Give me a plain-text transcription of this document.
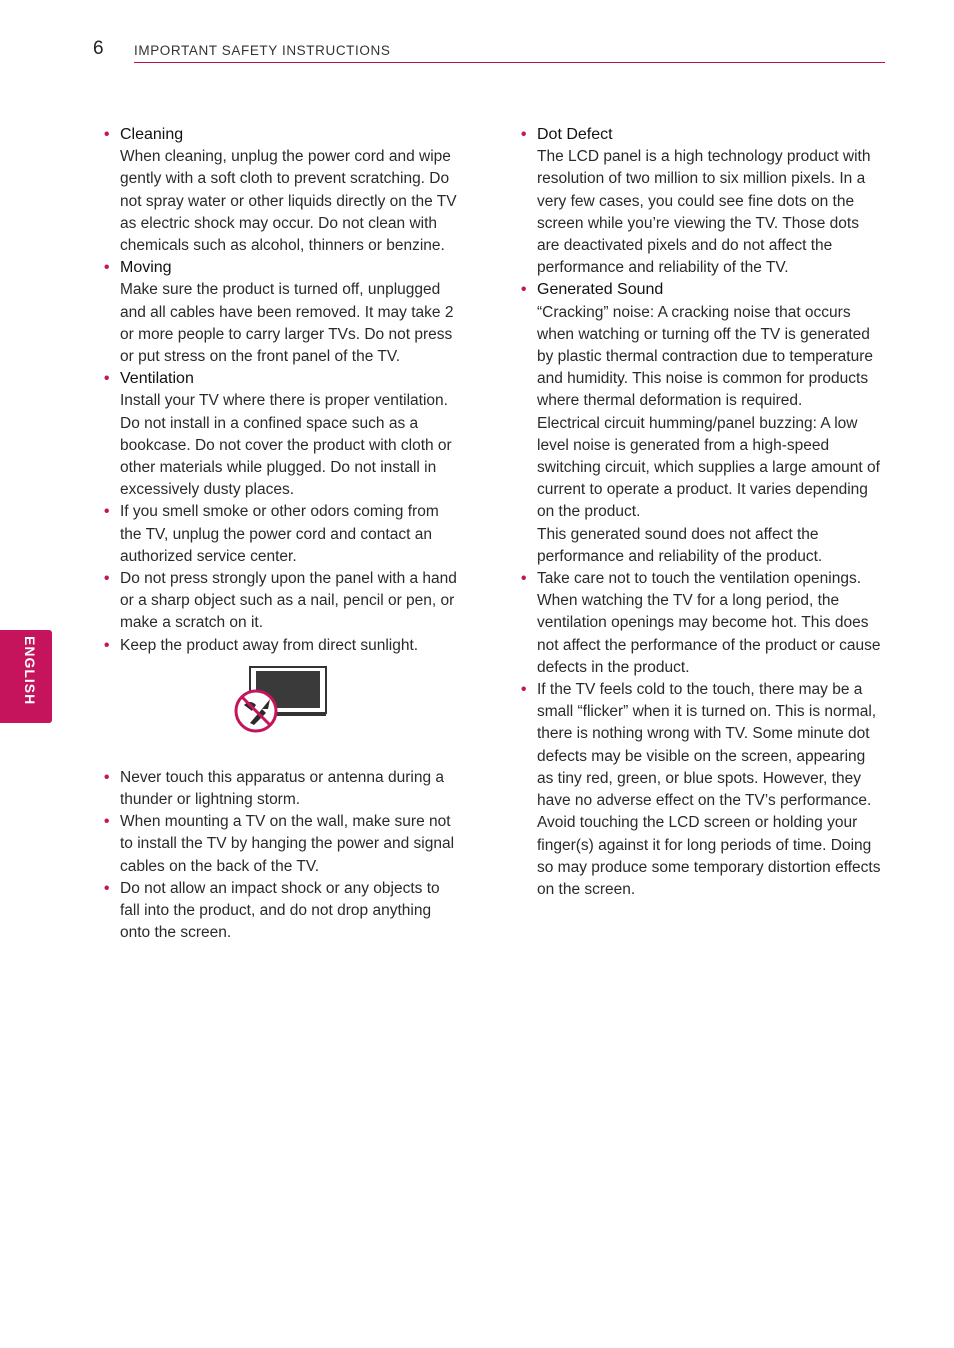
6 IMPORTANT SAFETY INSTRUCTIONS
ENGLISH
• Cleaning
When cleaning, unplug the power cord and wipe gently with a soft cloth to prevent scratching. Do not spray water or other liquids directly on the TV as electric shock may occur. Do not clean with chemicals such as alcohol, thinners or benzine.
• Moving
Make sure the product is turned off, unplugged and all cables have been removed. It may take 2 or more people to carry larger TVs. Do not press or put stress on the front panel of the TV.
• Ventilation
Install your TV where there is proper ventilation. Do not install in a confined space such as a bookcase. Do not cover the product with cloth or other materials while plugged. Do not install in excessively dusty places.
• If you smell smoke or other odors coming from the TV, unplug the power cord and contact an authorized service center.
• Do not press strongly upon the panel with a hand or a sharp object such as a nail, pencil or pen, or make a scratch on it.
• Keep the product away from direct sunlight.
• Never touch this apparatus or antenna during a thunder or lightning storm.
• When mounting a TV on the wall, make sure not to install the TV by hanging the power and signal cables on the back of the TV.
• Do not allow an impact shock or any objects to fall into the product, and do not drop anything onto the screen.
• Dot Defect
The LCD panel is a high technology product with resolution of two million to six million pixels. In a very few cases, you could see fine dots on the screen while you’re viewing the TV. Those dots are deactivated pixels and do not affect the performance and reliability of the TV.
• Generated Sound
“Cracking” noise: A cracking noise that occurs when watching or turning off the TV is generated by plastic thermal contraction due to temperature and humidity. This noise is common for products where thermal deformation is required.
Electrical circuit humming/panel buzzing: A low level noise is generated from a high-speed switching circuit, which supplies a large amount of current to operate a product. It varies depending on the product.
This generated sound does not affect the performance and reliability of the product.
• Take care not to touch the ventilation openings. When watching the TV for a long period, the ventilation openings may become hot. This does not affect the performance of the product or cause defects in the product.
• If the TV feels cold to the touch, there may be a small “flicker” when it is turned on. This is normal, there is nothing wrong with TV. Some minute dot defects may be visible on the screen, appearing as tiny red, green, or blue spots. However, they have no adverse effect on the TV’s performance. Avoid touching the LCD screen or holding your finger(s) against it for long periods of time. Doing so may produce some temporary distortion effects on the screen.
